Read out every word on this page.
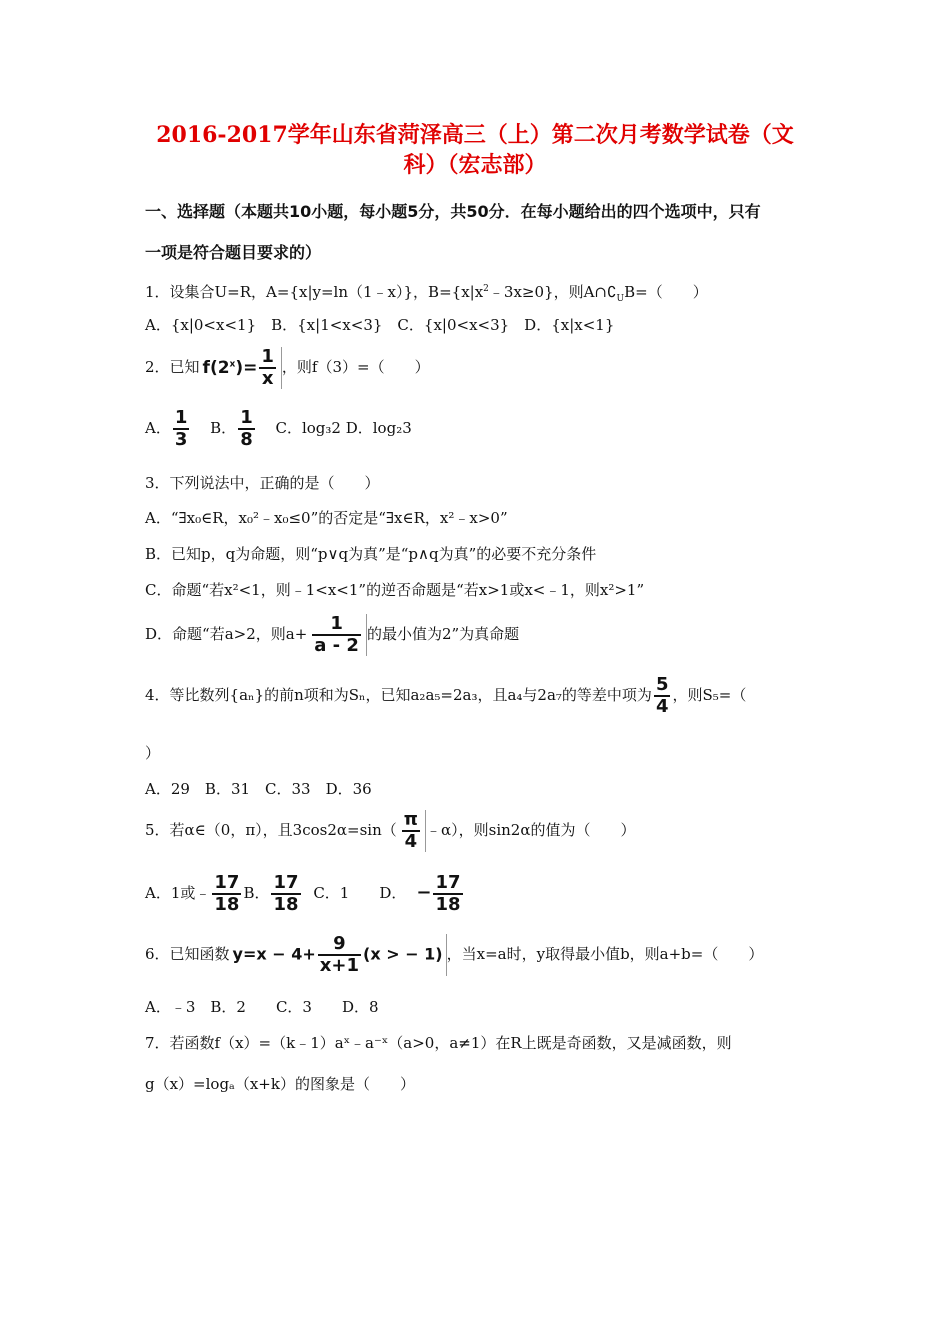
2016-2017学年山东省菏泽高三（上）第二次月考数学试卷（文
科）（宏志部）
一、选择题（本题共10小题，每小题5分，共50分．在每小题给出的四个选项中，只有
一项是符合题目要求的）
1．设集合U=R，A={x|y=ln（1﹣x）}，$B=\{x|x^2﹣3x\ge 0\}$，则$A\cap∁_UB=$（　　）
A．{x|0<x<1}　B．{x|1<x<3}　C．{x|0<x<3}　D．{x|x<1}
2．已知 $f(2^x)= \frac{1}{x}$ ，则f（3）=（　　）
A． $\frac{1}{3}$ B． $\frac{1}{8}$ C．log₃2 D．log₂3
3．下列说法中，正确的是（　　）
A．“∃x₀∈R，x₀²﹣x₀≤0”的否定是“∃x∈R，x²﹣x>0”
B．已知p，q为命题，则“p∨q为真”是“p∧q为真”的必要不充分条件
C．命题“若x²<1，则﹣1<x<1”的逆否命题是“若x>1或x<﹣1，则x²>1”
D．命题“若a>2，则$a+ \frac{1}{a - 2}$ 的最小值为2”为真命题
4．等比数列{aₙ}的前n项和为Sₙ，已知a₂a₅=2a₃，且a₄与2a₇的等差中项为 $\frac{5}{4}$ ，则S₅=（
）
A．29　B．31　C．33　D．36
5．若α∈（0，π），且$3\cos 2\alpha=\sin( \frac{\pi}{4}$ ﹣α），则sin2α的值为（　　）
A．1或﹣ $\frac{17}{18}$ B． $\frac{17}{18}$ C．1　　D． − $\frac{17}{18}$
6．已知函数 $y=x - 4+ \frac{9}{x+1} (x$ > − 1) ，当x=a时，y取得最小值b，则a+b=（　　）
A．﹣3　B．2　　C．3　　D．8
7．若函数f（x）=（k﹣1）aˣ﹣a⁻ˣ（a>0，a≠1）在R上既是奇函数，又是减函数，则
g（x）=logₐ（x+k）的图象是（　　）
